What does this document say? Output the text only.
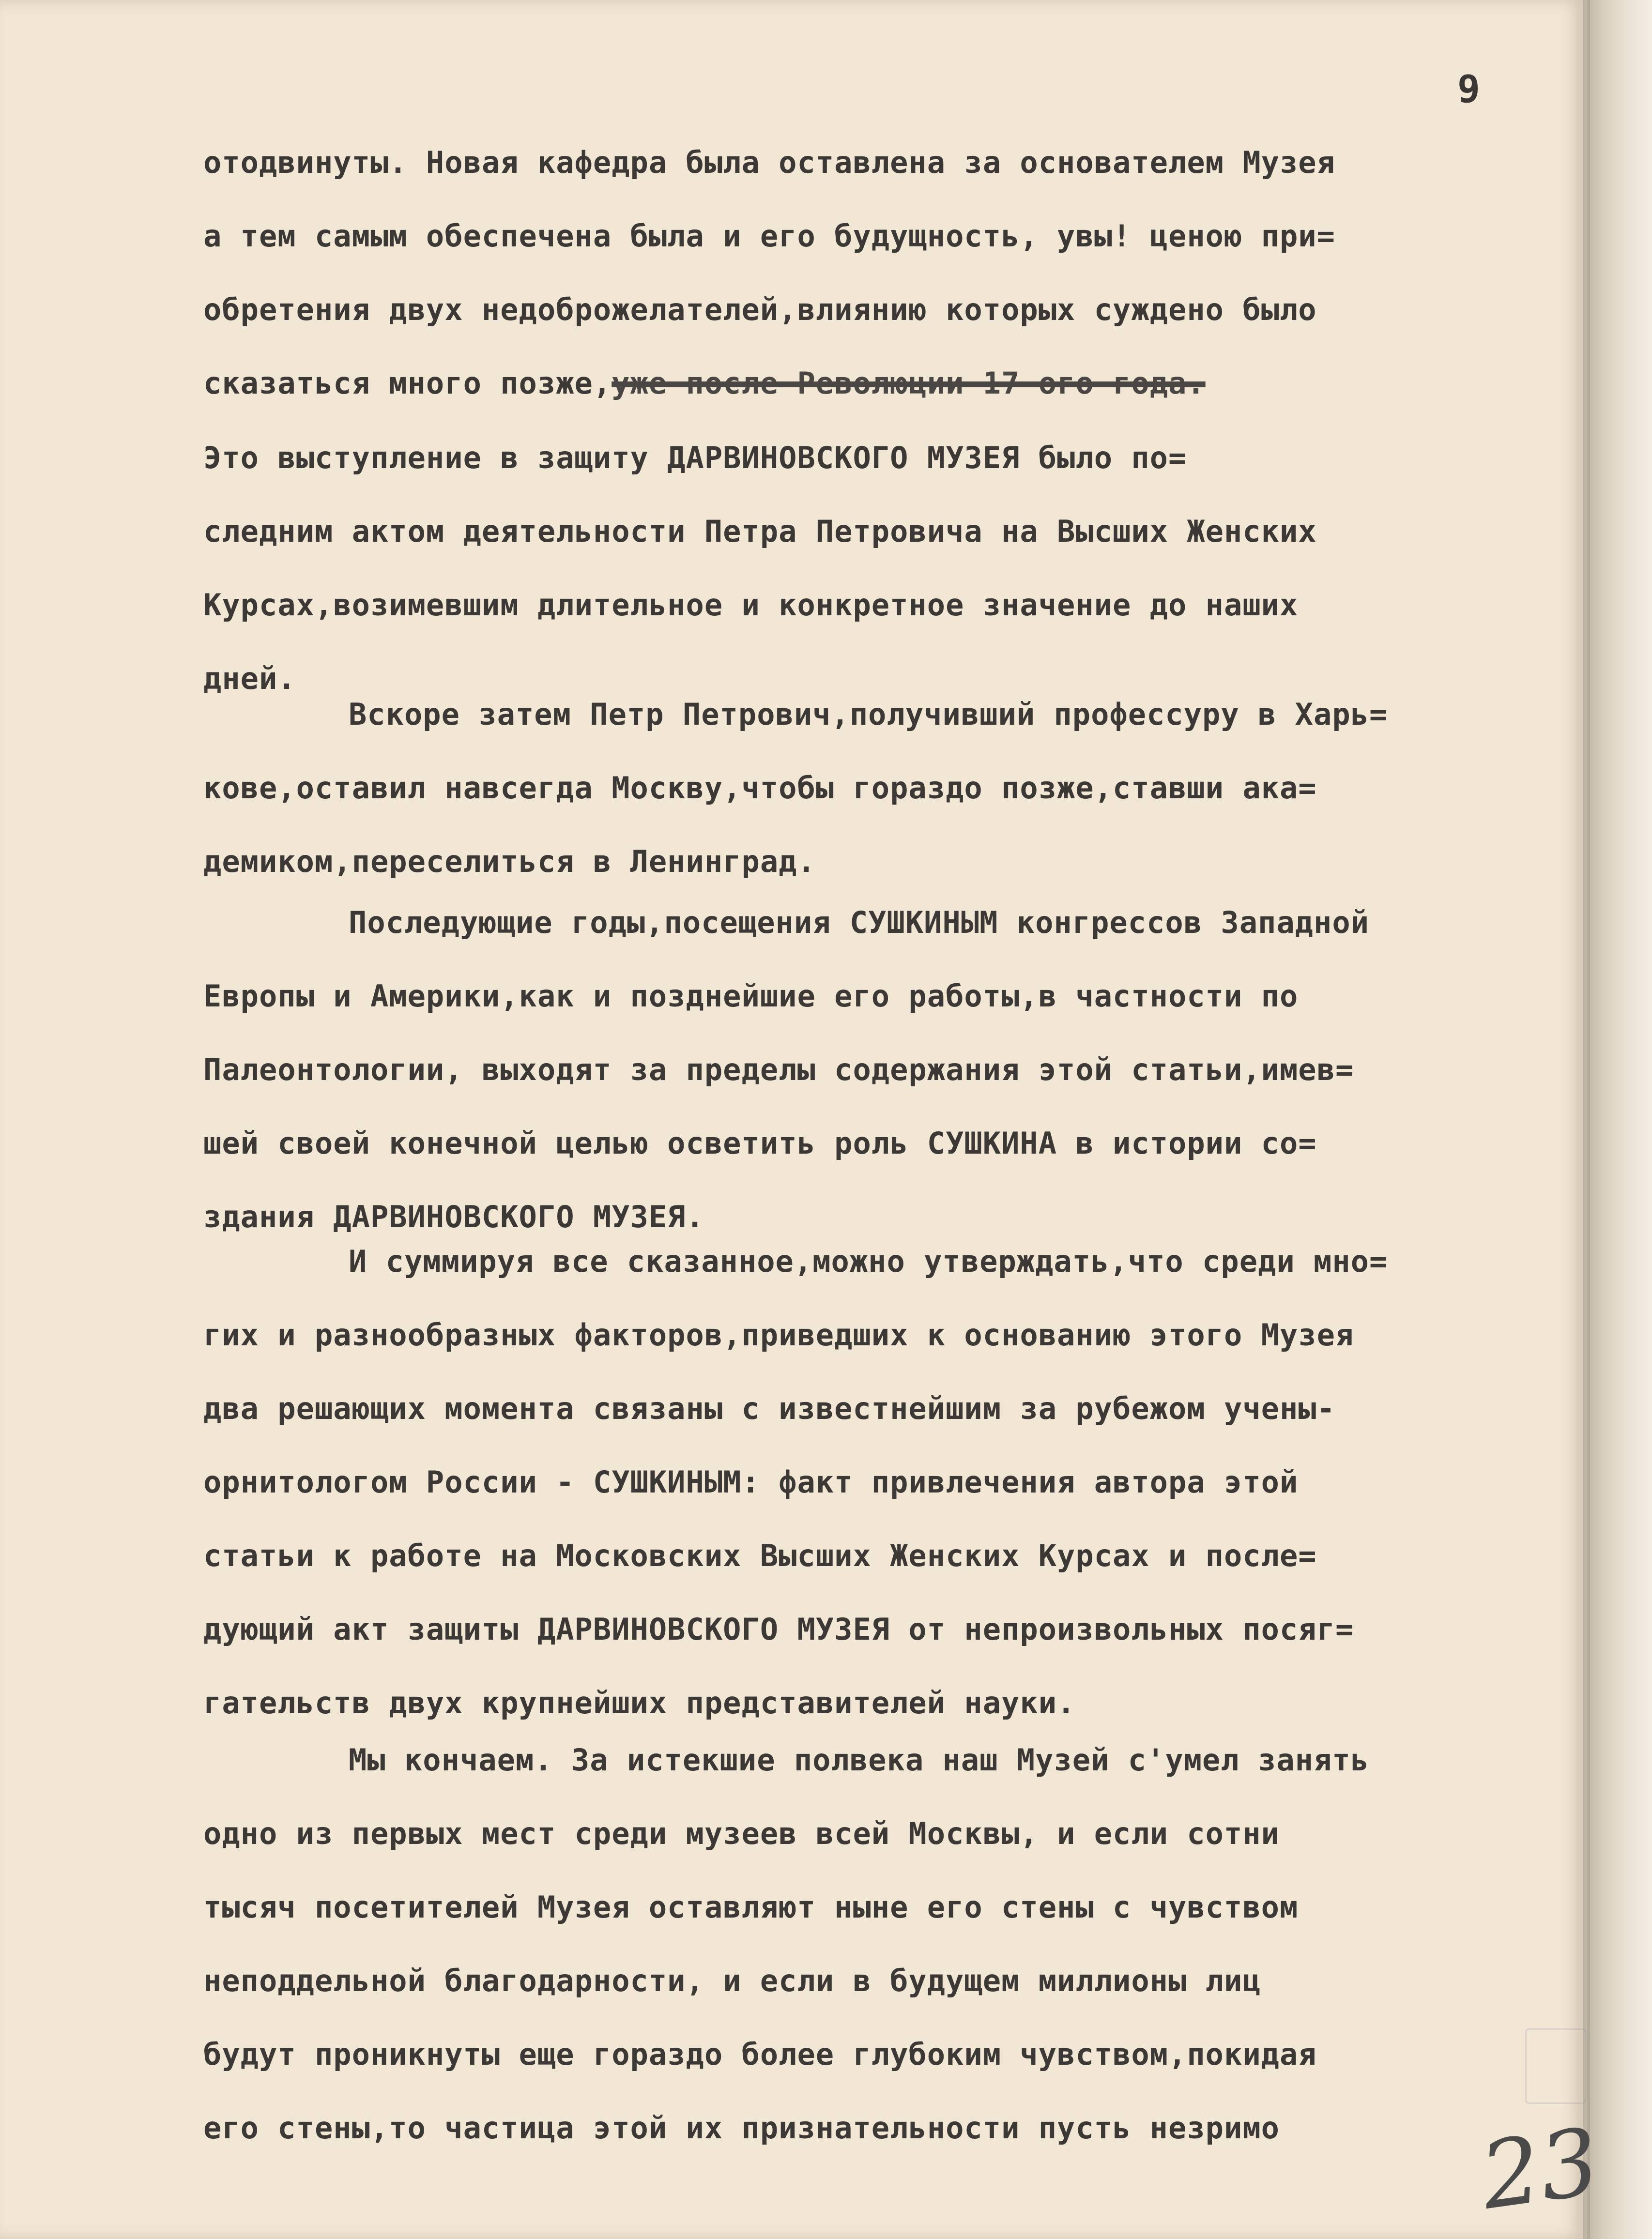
9
отодвинуты. Новая кафедра была оставлена за основателем Музея
а тем самым обеспечена была и его будущность, увы! ценою при=
обретения двух недоброжелателей,влиянию которых суждено было
сказаться много позже,уже после Революции 17-ого года.
Это выступление в защиту ДАРВИНОВСКОГО МУЗЕЯ было по=
следним актом деятельности Петра Петровича на Высших Женских
Курсах,возимевшим длительное и конкретное значение до наших
дней.
Вскоре затем Петр Петрович,получивший профессуру в Харь=
кове,оставил навсегда Москву,чтобы гораздо позже,ставши ака=
демиком,переселиться в Ленинград.
Последующие годы,посещения СУШКИНЫМ конгрессов Западной
Европы и Америки,как и позднейшие его работы,в частности по
Палеонтологии, выходят за пределы содержания этой статьи,имев=
шей своей конечной целью осветить роль СУШКИНА в истории со=
здания ДАРВИНОВСКОГО МУЗЕЯ.
И суммируя все сказанное,можно утверждать,что среди мно=
гих и разнообразных факторов,приведших к основанию этого Музея
два решающих момента связаны с известнейшим за рубежом учены-
орнитологом России - СУШКИНЫМ: факт привлечения автора этой
статьи к работе на Московских Высших Женских Курсах и после=
дующий акт защиты ДАРВИНОВСКОГО МУЗЕЯ от непроизвольных посяг=
гательств двух крупнейших представителей науки.
Мы кончаем. За истекшие полвека наш Музей с'умел занять
одно из первых мест среди музеев всей Москвы, и если сотни
тысяч посетителей Музея оставляют ныне его стены с чувством
неподдельной благодарности, и если в будущем миллионы лиц
будут проникнуты еще гораздо более глубоким чувством,покидая
его стены,то частица этой их признательности пусть незримо	23
